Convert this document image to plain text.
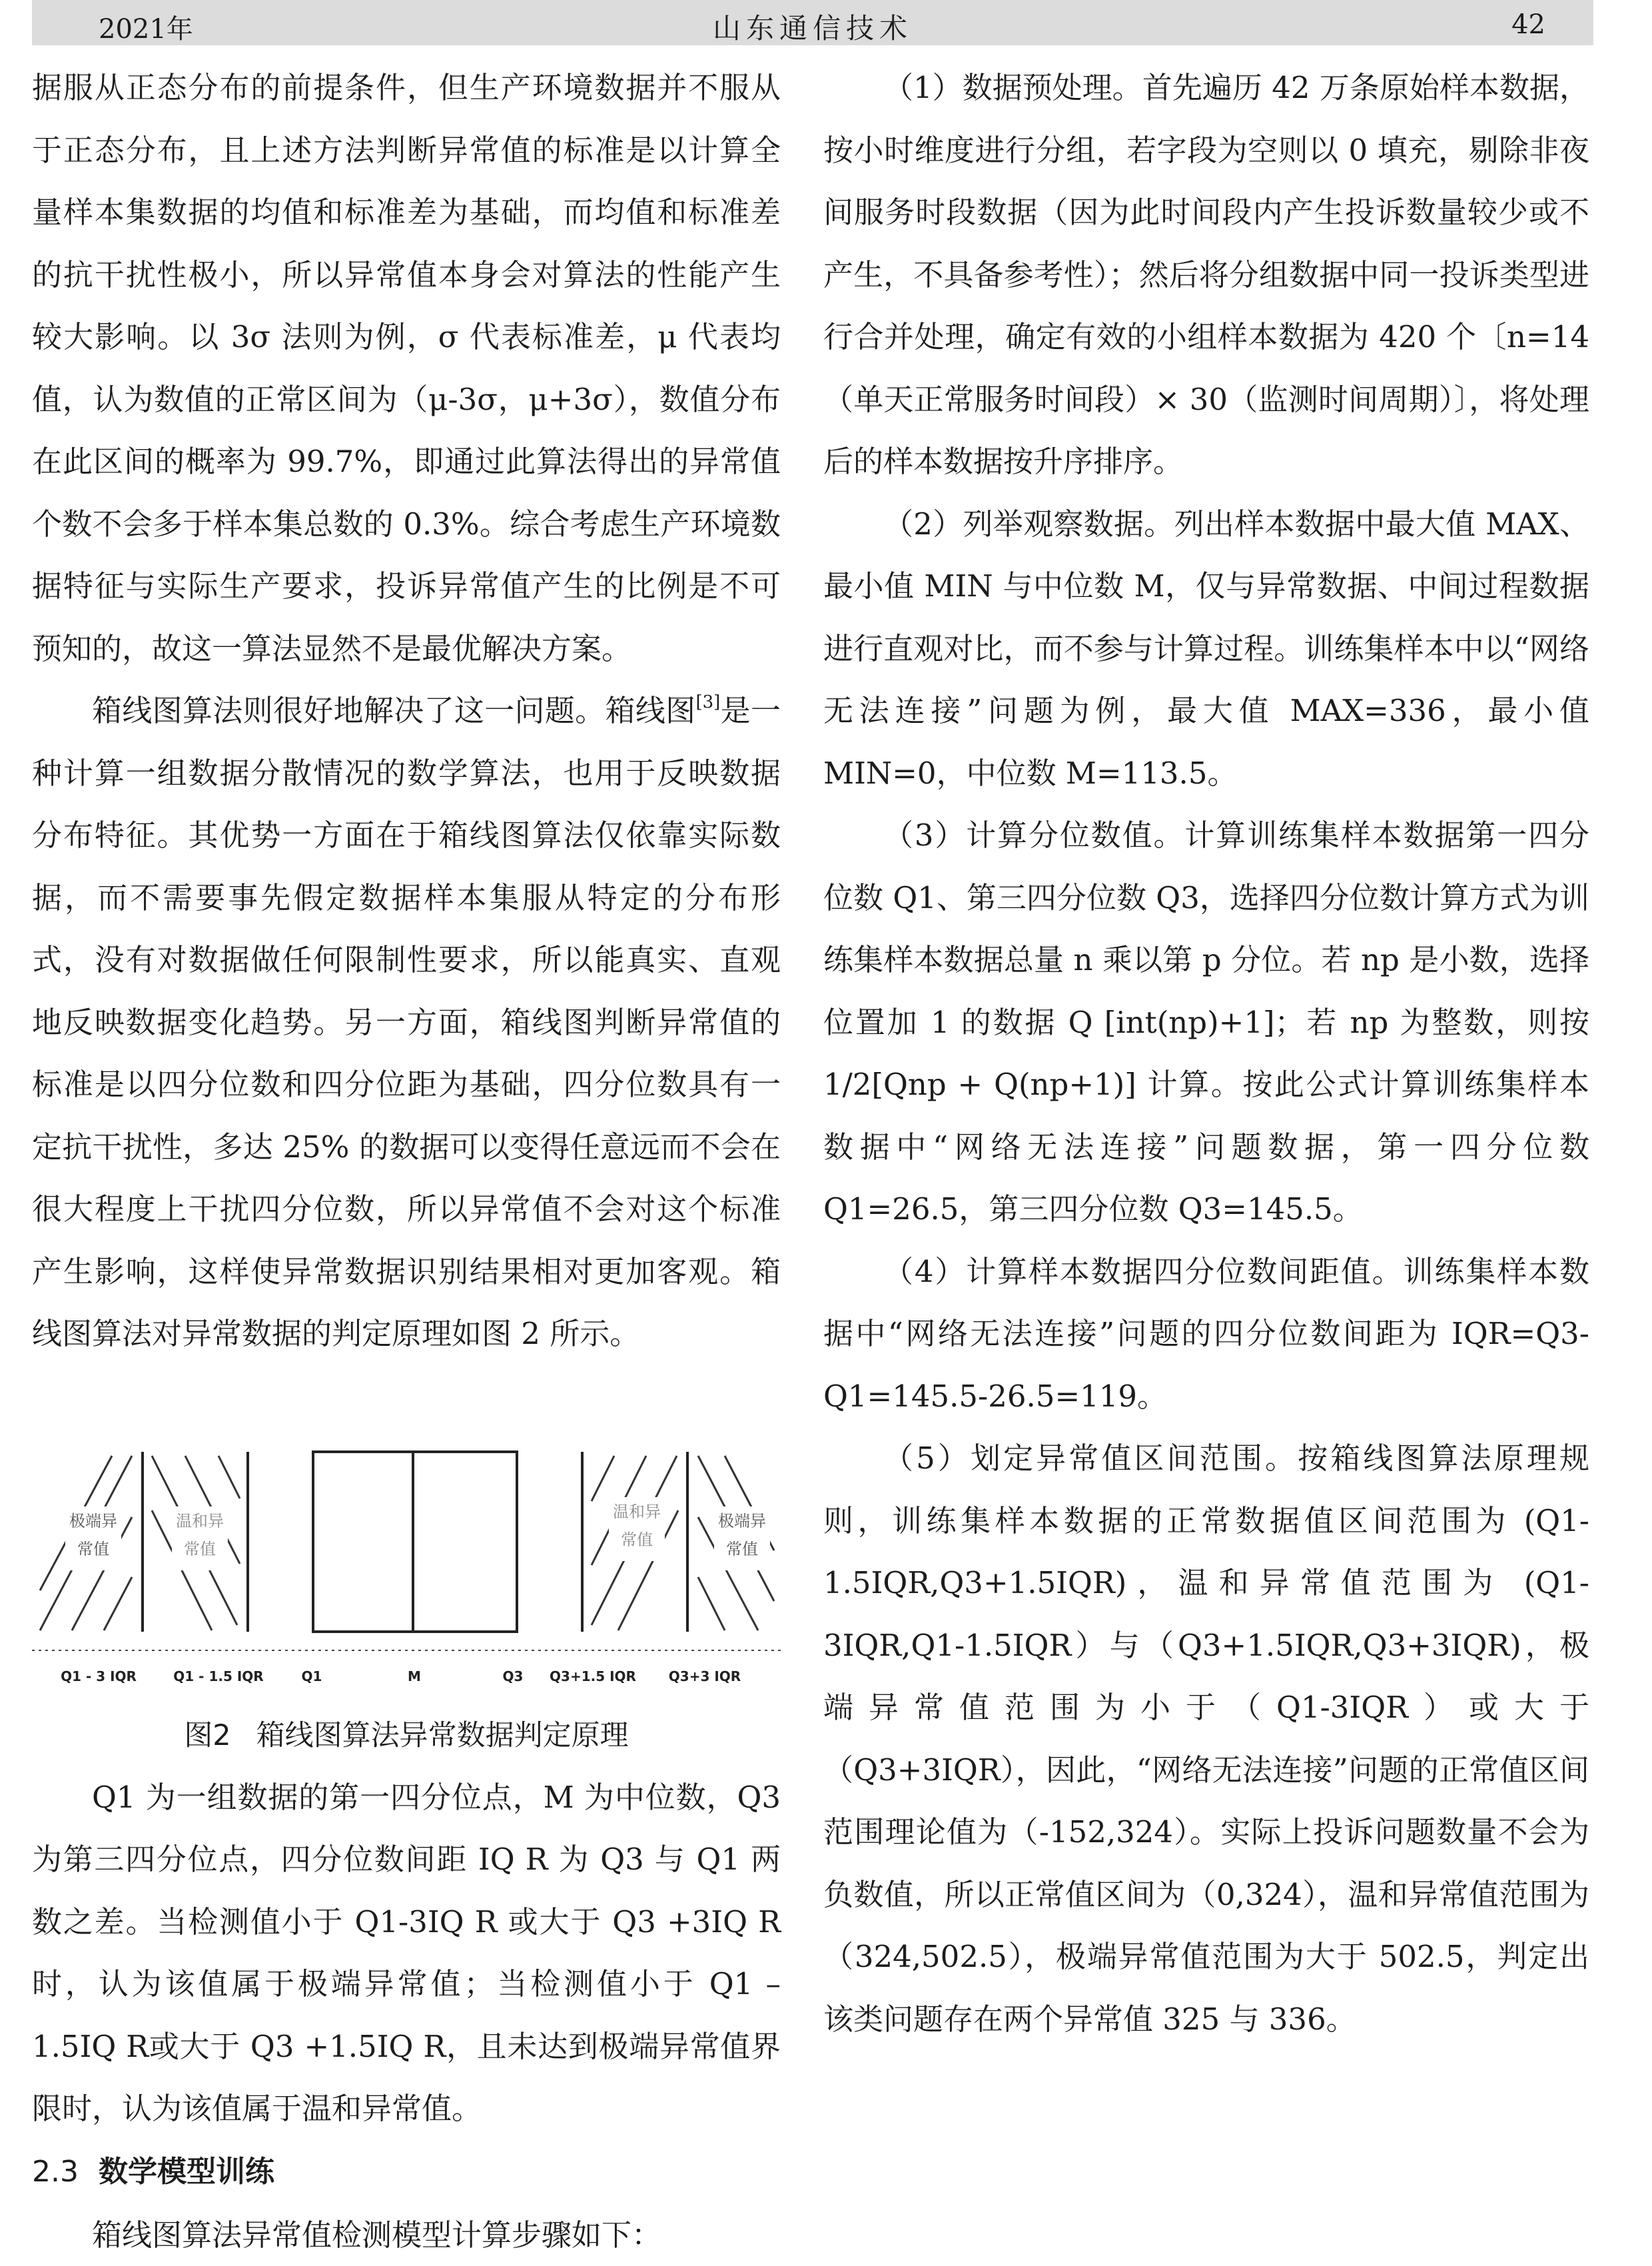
2021年	山东通信技术	42

据服从正态分布的前提条件，但生产环境数据并不服从于正态分布，且上述方法判断异常值的标准是以计算全量样本集数据的均值和标准差为基础，而均值和标准差的抗干扰性极小，所以异常值本身会对算法的性能产生较大影响。以 3σ 法则为例，σ 代表标准差，μ 代表均值，认为数值的正常区间为（μ-3σ，μ+3σ），数值分布在此区间的概率为 99.7%，即通过此算法得出的异常值个数不会多于样本集总数的 0.3%。综合考虑生产环境数据特征与实际生产要求，投诉异常值产生的比例是不可预知的，故这一算法显然不是最优解决方案。

箱线图算法则很好地解决了这一问题。箱线图[3]是一种计算一组数据分散情况的数学算法，也用于反映数据分布特征。其优势一方面在于箱线图算法仅依靠实际数据，而不需要事先假定数据样本集服从特定的分布形式，没有对数据做任何限制性要求，所以能真实、直观地反映数据变化趋势。另一方面，箱线图判断异常值的标准是以四分位数和四分位距为基础，四分位数具有一定抗干扰性，多达 25% 的数据可以变得任意远而不会在很大程度上干扰四分位数，所以异常值不会对这个标准产生影响，这样使异常数据识别结果相对更加客观。箱线图算法对异常数据的判定原理如图 2 所示。

极端异
常值
温和异
常值
温和异
常值
极端异
常值
Q1 - 3 IQR	Q1 - 1.5 IQR	Q1	M	Q3 Q3+1.5 IQR Q3+3 IQR
图2 箱线图算法异常数据判定原理

Q1 为一组数据的第一四分位点，M 为中位数，Q3 为第三四分位点，四分位数间距 IQ R 为 Q3 与 Q1 两数之差。当检测值小于 Q1-3IQ R 或大于 Q3 +3IQ R时，认为该值属于极端异常值；当检测值小于 Q1 – 1.5IQ R或大于 Q3 +1.5IQ R，且未达到极端异常值界限时，认为该值属于温和异常值。

2.3 数学模型训练

箱线图算法异常值检测模型计算步骤如下：

（1）数据预处理。首先遍历 42 万条原始样本数据，按小时维度进行分组，若字段为空则以 0 填充，剔除非夜间服务时段数据（因为此时间段内产生投诉数量较少或不产生，不具备参考性）；然后将分组数据中同一投诉类型进行合并处理，确定有效的小组样本数据为 420 个〔n=14（单天正常服务时间段）× 30（监测时间周期）〕，将处理后的样本数据按升序排序。

（2）列举观察数据。列出样本数据中最大值 MAX、最小值 MIN 与中位数 M，仅与异常数据、中间过程数据进行直观对比，而不参与计算过程。训练集样本中以“网络无法连接”问题为例，最大值 MAX=336，最小值 MIN=0，中位数 M=113.5。

（3）计算分位数值。计算训练集样本数据第一四分位数 Q1、第三四分位数 Q3，选择四分位数计算方式为训练集样本数据总量 n 乘以第 p 分位。若 np 是小数，选择位置加 1 的数据 Q [int(np)+1]；若 np 为整数，则按 1/2[Qnp + Q(np+1)] 计算。按此公式计算训练集样本数据中“网络无法连接”问题数据，第一四分位数 Q1=26.5，第三四分位数 Q3=145.5。

（4）计算样本数据四分位数间距值。训练集样本数据中“网络无法连接”问题的四分位数间距为 IQR=Q3-Q1=145.5-26.5=119。

（5）划定异常值区间范围。按箱线图算法原理规则，训练集样本数据的正常数据值区间范围为 (Q1-1.5IQR,Q3+1.5IQR)，温和异常值范围为 (Q1-3IQR,Q1-1.5IQR）与（Q3+1.5IQR,Q3+3IQR)，极端异常值范围为小于（Q1-3IQR）或大于（Q3+3IQR），因此，“网络无法连接”问题的正常值区间范围理论值为（-152,324）。实际上投诉问题数量不会为负数值，所以正常值区间为（0,324），温和异常值范围为（324,502.5），极端异常值范围为大于 502.5，判定出该类问题存在两个异常值 325 与 336。
